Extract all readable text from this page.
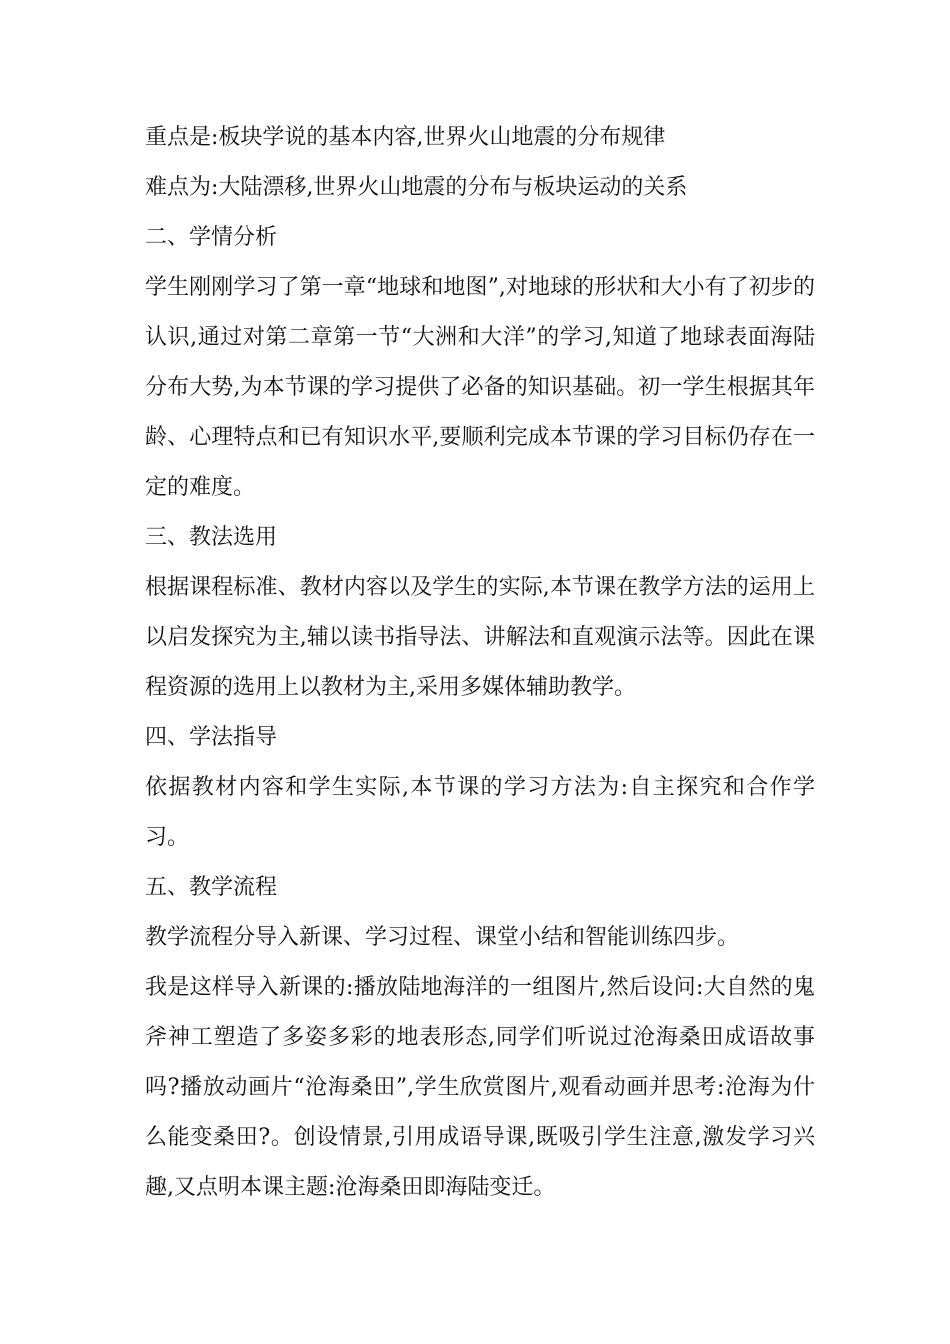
重点是:板块学说的基本内容,世界火山地震的分布规律

难点为:大陆漂移,世界火山地震的分布与板块运动的关系

二、学情分析

学生刚刚学习了第一章“地球和地图”,对地球的形状和大小有了初步的认识,通过对第二章第一节“大洲和大洋”的学习,知道了地球表面海陆分布大势,为本节课的学习提供了必备的知识基础。初一学生根据其年龄、心理特点和已有知识水平,要顺利完成本节课的学习目标仍存在一定的难度。

三、教法选用

根据课程标准、教材内容以及学生的实际,本节课在教学方法的运用上以启发探究为主,辅以读书指导法、讲解法和直观演示法等。因此在课程资源的选用上以教材为主,采用多媒体辅助教学。

四、学法指导

依据教材内容和学生实际,本节课的学习方法为:自主探究和合作学习。

五、教学流程

教学流程分导入新课、学习过程、课堂小结和智能训练四步。

我是这样导入新课的:播放陆地海洋的一组图片,然后设问:大自然的鬼斧神工塑造了多姿多彩的地表形态,同学们听说过沧海桑田成语故事吗?播放动画片“沧海桑田”,学生欣赏图片,观看动画并思考:沧海为什么能变桑田?。创设情景,引用成语导课,既吸引学生注意,激发学习兴趣,又点明本课主题:沧海桑田即海陆变迁。
